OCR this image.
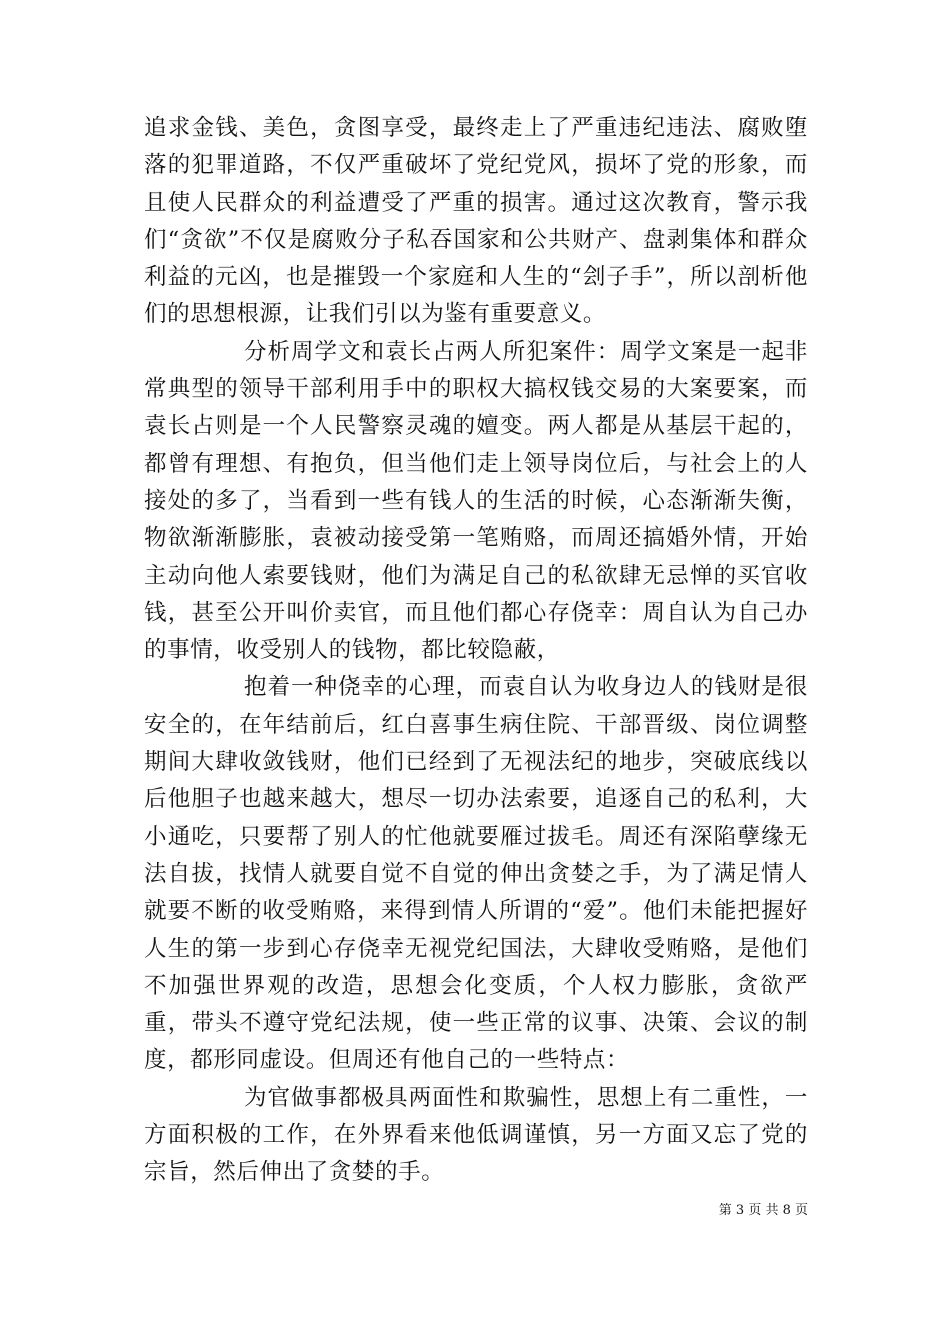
追求金钱、美色，贪图享受，最终走上了严重违纪违法、腐败堕落的犯罪道路，不仅严重破坏了党纪党风，损坏了党的形象，而且使人民群众的利益遭受了严重的损害。通过这次教育，警示我们“贪欲”不仅是腐败分子私吞国家和公共财产、盘剥集体和群众利益的元凶，也是摧毁一个家庭和人生的“刽子手”，所以剖析他们的思想根源，让我们引以为鉴有重要意义。

分析周学文和袁长占两人所犯案件：周学文案是一起非常典型的领导干部利用手中的职权大搞权钱交易的大案要案，而袁长占则是一个人民警察灵魂的嬗变。两人都是从基层干起的，都曾有理想、有抱负，但当他们走上领导岗位后，与社会上的人接处的多了，当看到一些有钱人的生活的时候，心态渐渐失衡，物欲渐渐膨胀，袁被动接受第一笔贿赂，而周还搞婚外情，开始主动向他人索要钱财，他们为满足自己的私欲肆无忌惮的买官收钱，甚至公开叫价卖官，而且他们都心存侥幸：周自认为自己办的事情，收受别人的钱物，都比较隐蔽，

抱着一种侥幸的心理，而袁自认为收身边人的钱财是很安全的，在年结前后，红白喜事生病住院、干部晋级、岗位调整期间大肆收敛钱财，他们已经到了无视法纪的地步，突破底线以后他胆子也越来越大，想尽一切办法索要，追逐自己的私利，大小通吃，只要帮了别人的忙他就要雁过拔毛。周还有深陷孽缘无法自拔，找情人就要自觉不自觉的伸出贪婪之手，为了满足情人就要不断的收受贿赂，来得到情人所谓的“爱”。他们未能把握好人生的第一步到心存侥幸无视党纪国法，大肆收受贿赂，是他们不加强世界观的改造，思想会化变质，个人权力膨胀，贪欲严重，带头不遵守党纪法规，使一些正常的议事、决策、会议的制度，都形同虚设。但周还有他自己的一些特点：

为官做事都极具两面性和欺骗性，思想上有二重性，一方面积极的工作，在外界看来他低调谨慎，另一方面又忘了党的宗旨，然后伸出了贪婪的手。

第 3 页 共 8 页
